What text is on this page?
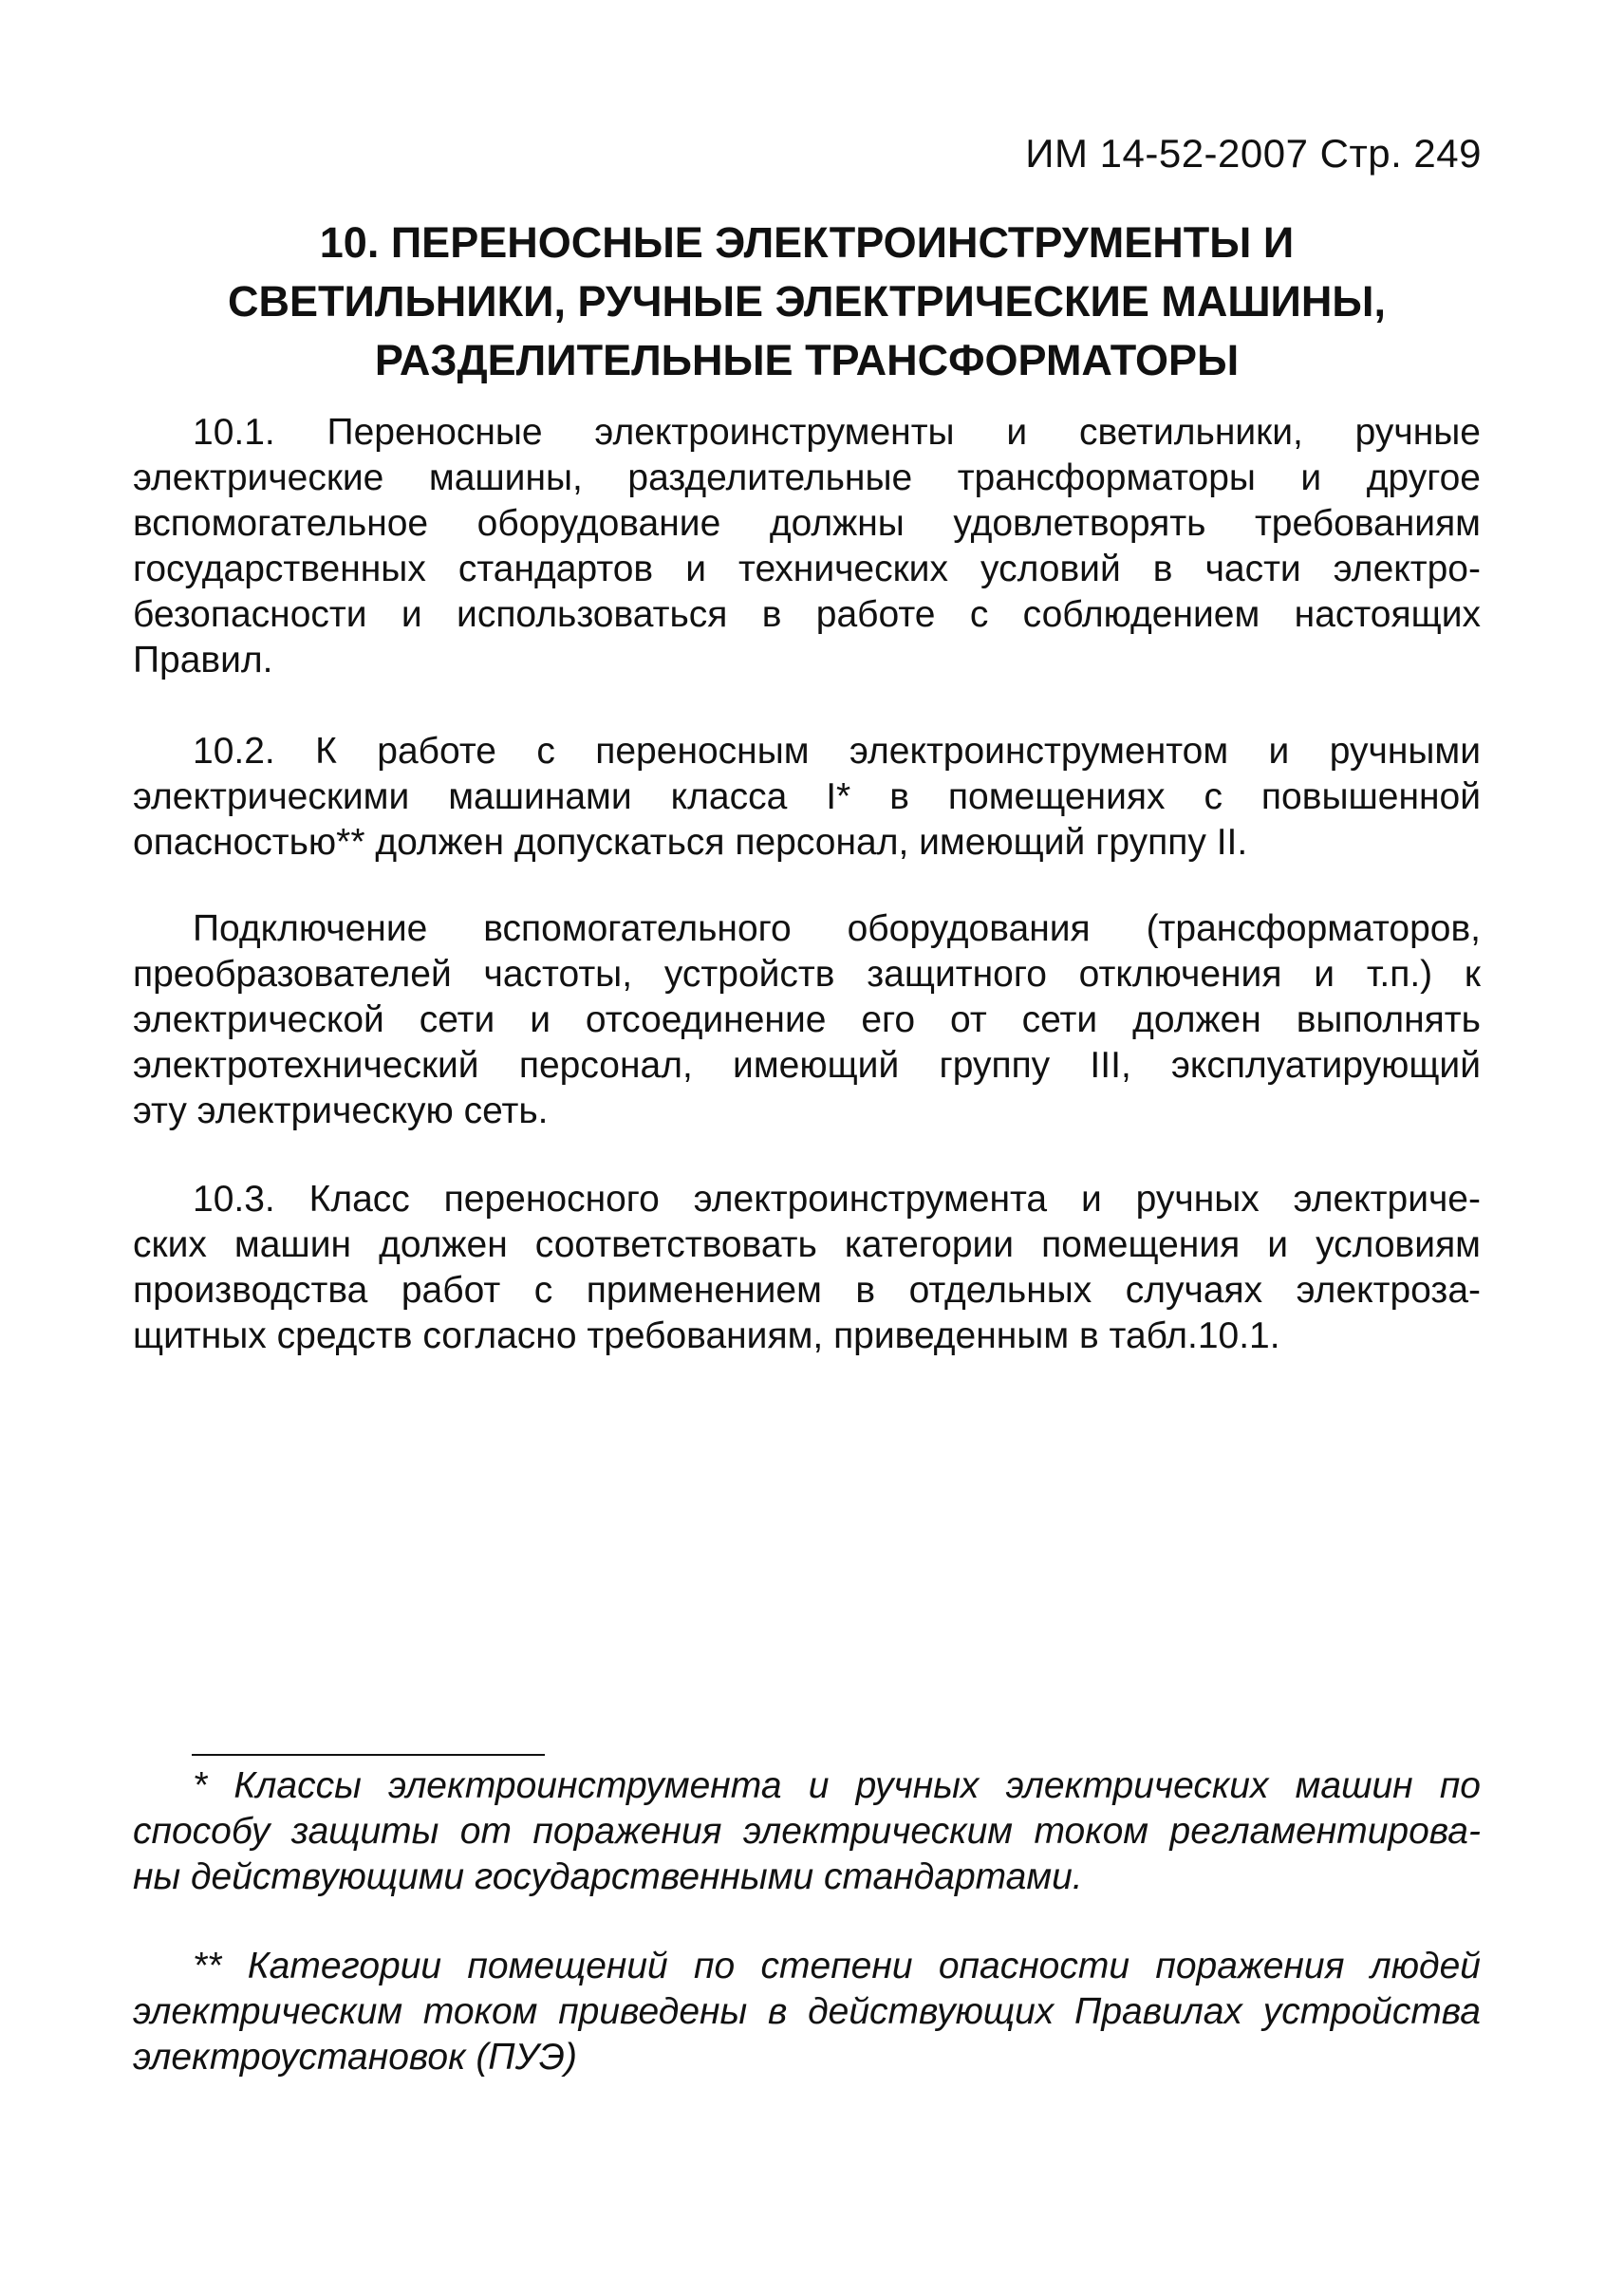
ИМ 14-52-2007 Стр. 249
10. ПЕРЕНОСНЫЕ ЭЛЕКТРОИНСТРУМЕНТЫ И
СВЕТИЛЬНИКИ, РУЧНЫЕ ЭЛЕКТРИЧЕСКИЕ МАШИНЫ,
РАЗДЕЛИТЕЛЬНЫЕ ТРАНСФОРМАТОРЫ
10.1. Переносные электроинструменты и светильники, ручные
электрические машины, разделительные трансформаторы и другое
вспомогательное оборудование должны удовлетворять требованиям
государственных стандартов и технических условий в части электро-
безопасности и использоваться в работе с соблюдением настоящих
Правил.
10.2. К работе с переносным электроинструментом и ручными
электрическими машинами класса I* в помещениях с повышенной
опасностью** должен допускаться персонал, имеющий группу II.
Подключение вспомогательного оборудования (трансформаторов,
преобразователей частоты, устройств защитного отключения и т.п.) к
электрической сети и отсоединение его от сети должен выполнять
электротехнический персонал, имеющий группу III, эксплуатирующий
эту электрическую сеть.
10.3. Класс переносного электроинструмента и ручных электриче-
ских машин должен соответствовать категории помещения и условиям
производства работ с применением в отдельных случаях электроза-
щитных средств согласно требованиям, приведенным в табл.10.1.
* Классы электроинструмента и ручных электрических машин по
способу защиты от поражения электрическим током регламентирова-
ны действующими государственными стандартами.
** Категории помещений по степени опасности поражения людей
электрическим током приведены в действующих Правилах устройства
электроустановок (ПУЭ)
